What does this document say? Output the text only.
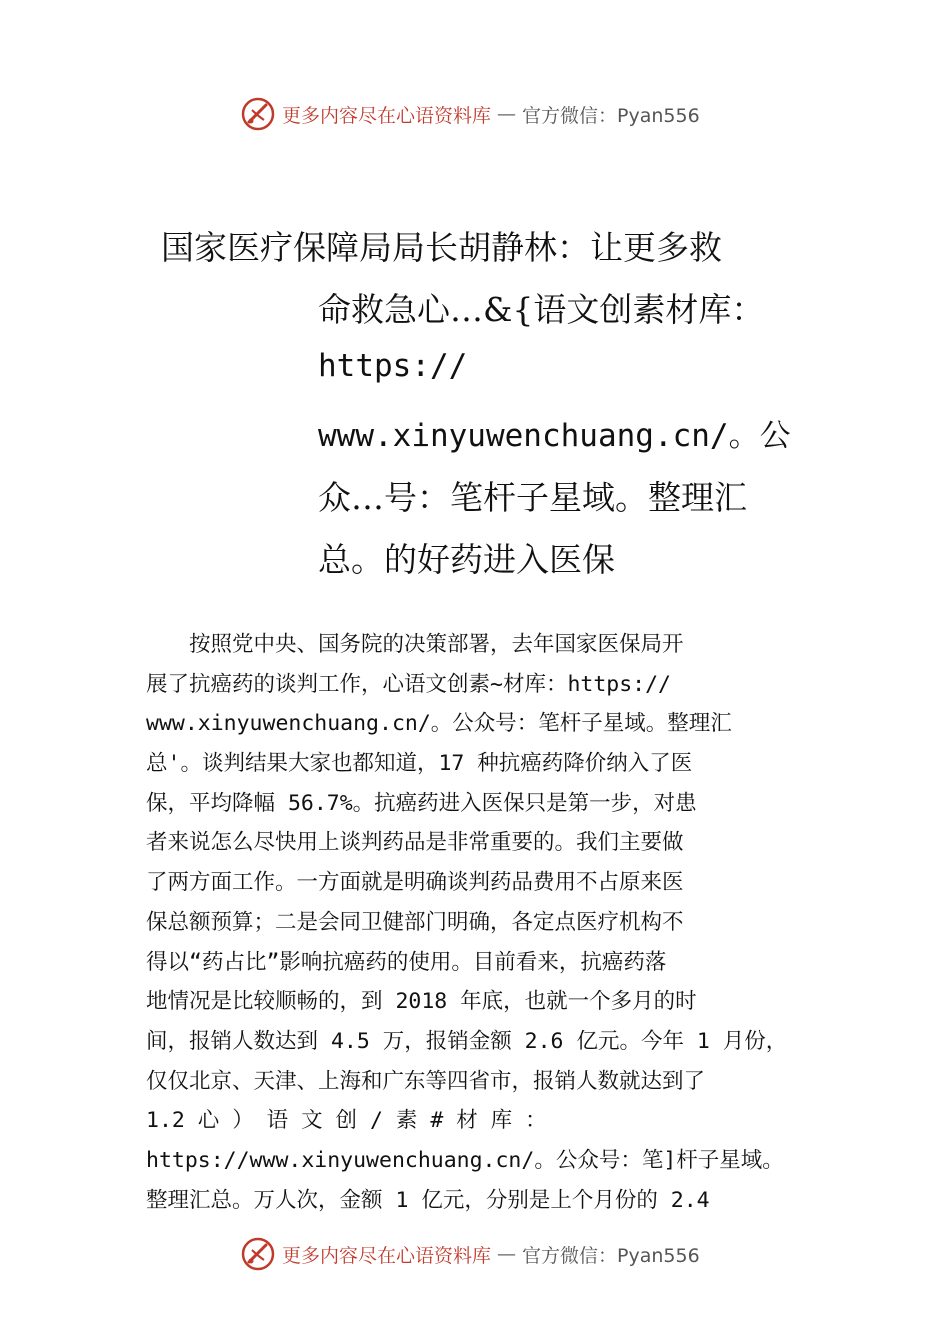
更多内容尽在心语资料库 — 官方微信：Pyan556
国家医疗保障局局长胡静林：让更多救
命救急心…&{语文创素材库：
https://
www.xinyuwenchuang.cn/。公
众…号：笔杆子星域。整理汇
总。的好药进入医保
　　按照党中央、国务院的决策部署，去年国家医保局开
展了抗癌药的谈判工作，心语文创素~材库：https://
www.xinyuwenchuang.cn/。公众号：笔杆子星域。整理汇
总'。谈判结果大家也都知道，17 种抗癌药降价纳入了医
保，平均降幅 56.7%。抗癌药进入医保只是第一步，对患
者来说怎么尽快用上谈判药品是非常重要的。我们主要做
了两方面工作。一方面就是明确谈判药品费用不占原来医
保总额预算；二是会同卫健部门明确，各定点医疗机构不
得以“药占比”影响抗癌药的使用。目前看来，抗癌药落
地情况是比较顺畅的，到 2018 年底，也就一个多月的时
间，报销人数达到 4.5 万，报销金额 2.6 亿元。今年 1 月份，
仅仅北京、天津、上海和广东等四省市，报销人数就达到了
1.2 心 ） 语 文 创 / 素 # 材 库 ：
https://www.xinyuwenchuang.cn/。公众号：笔]杆子星域。
整理汇总。万人次，金额 1 亿元，分别是上个月份的 2.4
更多内容尽在心语资料库 — 官方微信：Pyan556
